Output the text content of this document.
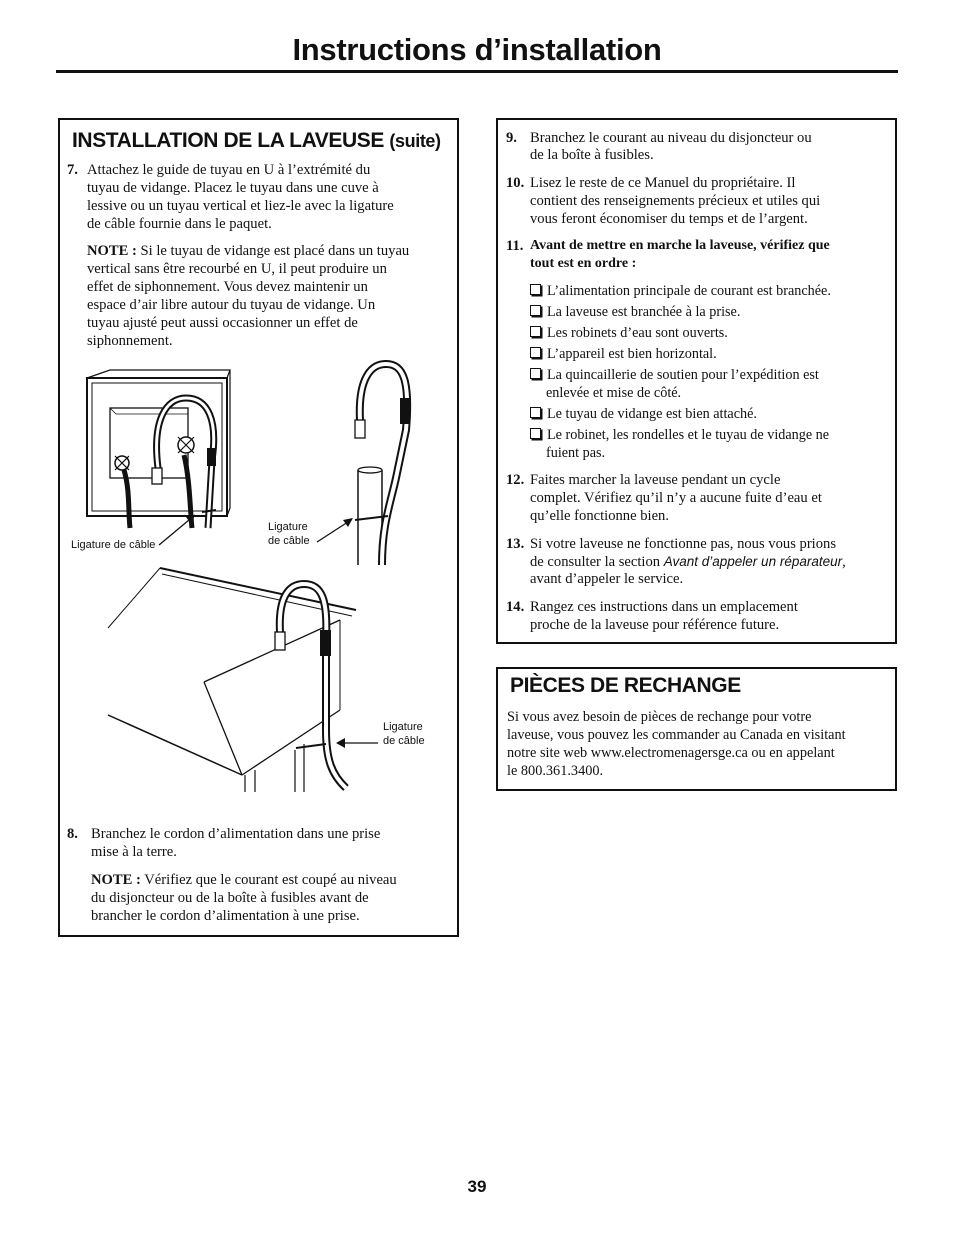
Instructions d’installation
INSTALLATION DE LA LAVEUSE (suite)
7. Attachez le guide de tuyau en U à l’extrémité du
tuyau de vidange. Placez le tuyau dans une cuve à
lessive ou un tuyau vertical et liez-le avec la ligature
de câble fournie dans le paquet.
NOTE : Si le tuyau de vidange est placé dans un tuyau
vertical sans être recourbé en U, il peut produire un
effet de siphonnement. Vous devez maintenir un
espace d’air libre autour du tuyau de vidange. Un
tuyau ajusté peut aussi occasionner un effet de
siphonnement.
Ligature de câble
Ligature
de câble
Ligature
de câble
8. Branchez le cordon d’alimentation dans une prise
mise à la terre.
NOTE : Vérifiez que le courant est coupé au niveau
du disjoncteur ou de la boîte à fusibles avant de
brancher le cordon d’alimentation à une prise.
9. Branchez le courant au niveau du disjoncteur ou
de la boîte à fusibles.
10. Lisez le reste de ce Manuel du propriétaire. Il
contient des renseignements précieux et utiles qui
vous feront économiser du temps et de l’argent.
11. Avant de mettre en marche la laveuse, vérifiez que
tout est en ordre :
L’alimentation principale de courant est branchée.
La laveuse est branchée à la prise.
Les robinets d’eau sont ouverts.
L’appareil est bien horizontal.
La quincaillerie de soutien pour l’expédition est
enlevée et mise de côté.
Le tuyau de vidange est bien attaché.
Le robinet, les rondelles et le tuyau de vidange ne
fuient pas.
12. Faites marcher la laveuse pendant un cycle
complet. Vérifiez qu’il n’y a aucune fuite d’eau et
qu’elle fonctionne bien.
13. Si votre laveuse ne fonctionne pas, nous vous prions
de consulter la section Avant d’appeler un réparateur,
avant d’appeler le service.
14. Rangez ces instructions dans un emplacement
proche de la laveuse pour référence future.
PIÈCES DE RECHANGE
Si vous avez besoin de pièces de rechange pour votre
laveuse, vous pouvez les commander au Canada en visitant
notre site web www.electromenagersge.ca ou en appelant
le 800.361.3400.
39
